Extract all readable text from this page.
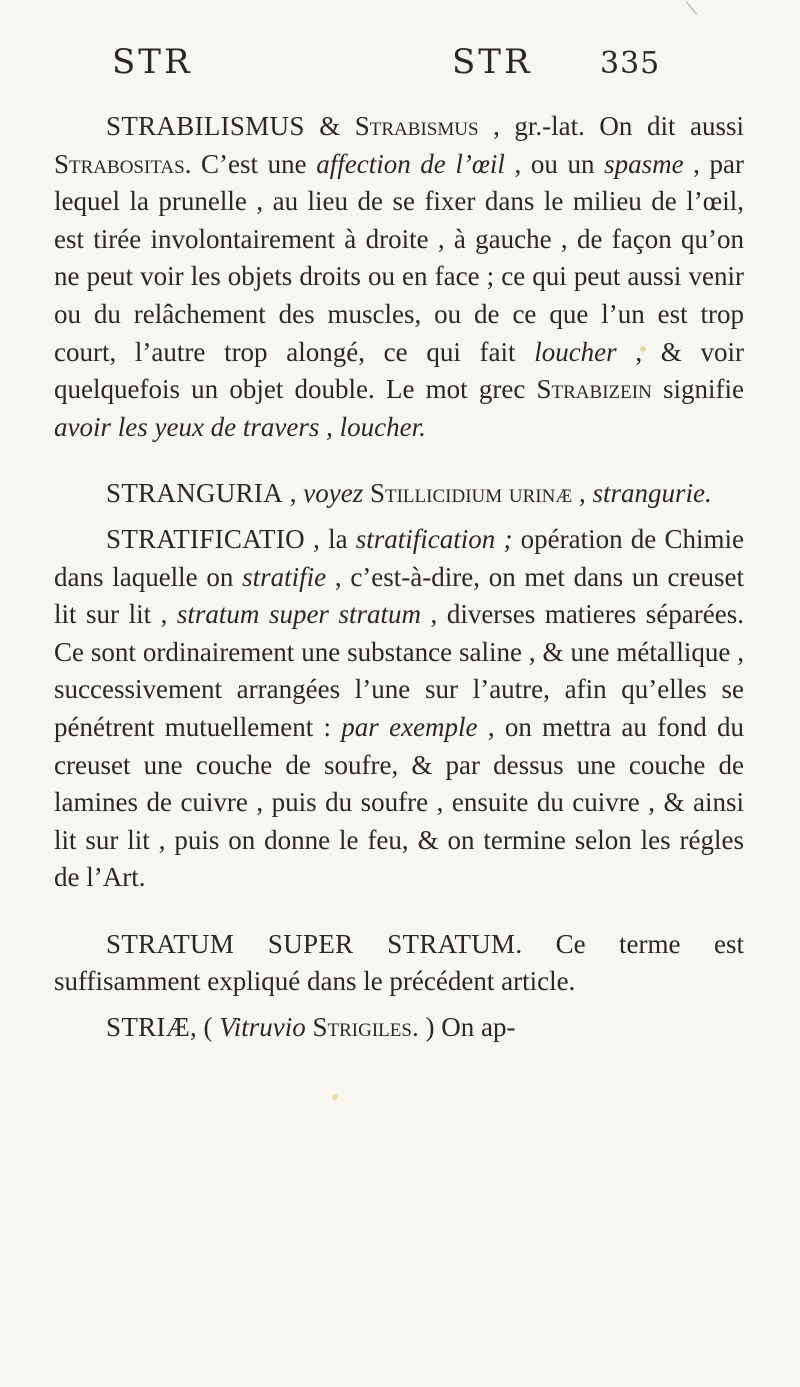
STR	STR 335

STRABILISMUS & Strabismus , gr.-lat. On dit aussi Strabositas. C’est une affection de l’œil , ou un spasme , par lequel la prunelle , au lieu de se fixer dans le milieu de l’œil, est tirée involontairement à droite , à gauche , de façon qu’on ne peut voir les objets droits ou en face ; ce qui peut aussi venir ou du relâchement des muscles, ou de ce que l’un est trop court, l’autre trop alongé, ce qui fait loucher , & voir quelquefois un objet double. Le mot grec Strabizein signifie avoir les yeux de travers , loucher.

STRANGURIA , voyez Stillicidium urinæ , strangurie.

STRATIFICATIO , la stratification ; opération de Chimie dans laquelle on stratifie , c’est-à-dire, on met dans un creuset lit sur lit , stratum super stratum , diverses matieres séparées. Ce sont ordinairement une substance saline , & une métallique , successivement arrangées l’une sur l’autre, afin qu’elles se pénétrent mutuellement : par exemple , on mettra au fond du creuset une couche de soufre, & par dessus une couche de lamines de cuivre , puis du soufre , ensuite du cuivre , & ainsi lit sur lit , puis on donne le feu, & on termine selon les régles de l’Art.

STRATUM SUPER STRATUM. Ce terme est suffisamment expliqué dans le précédent article.

STRIÆ, ( Vitruvio Strigiles. ) On ap-
